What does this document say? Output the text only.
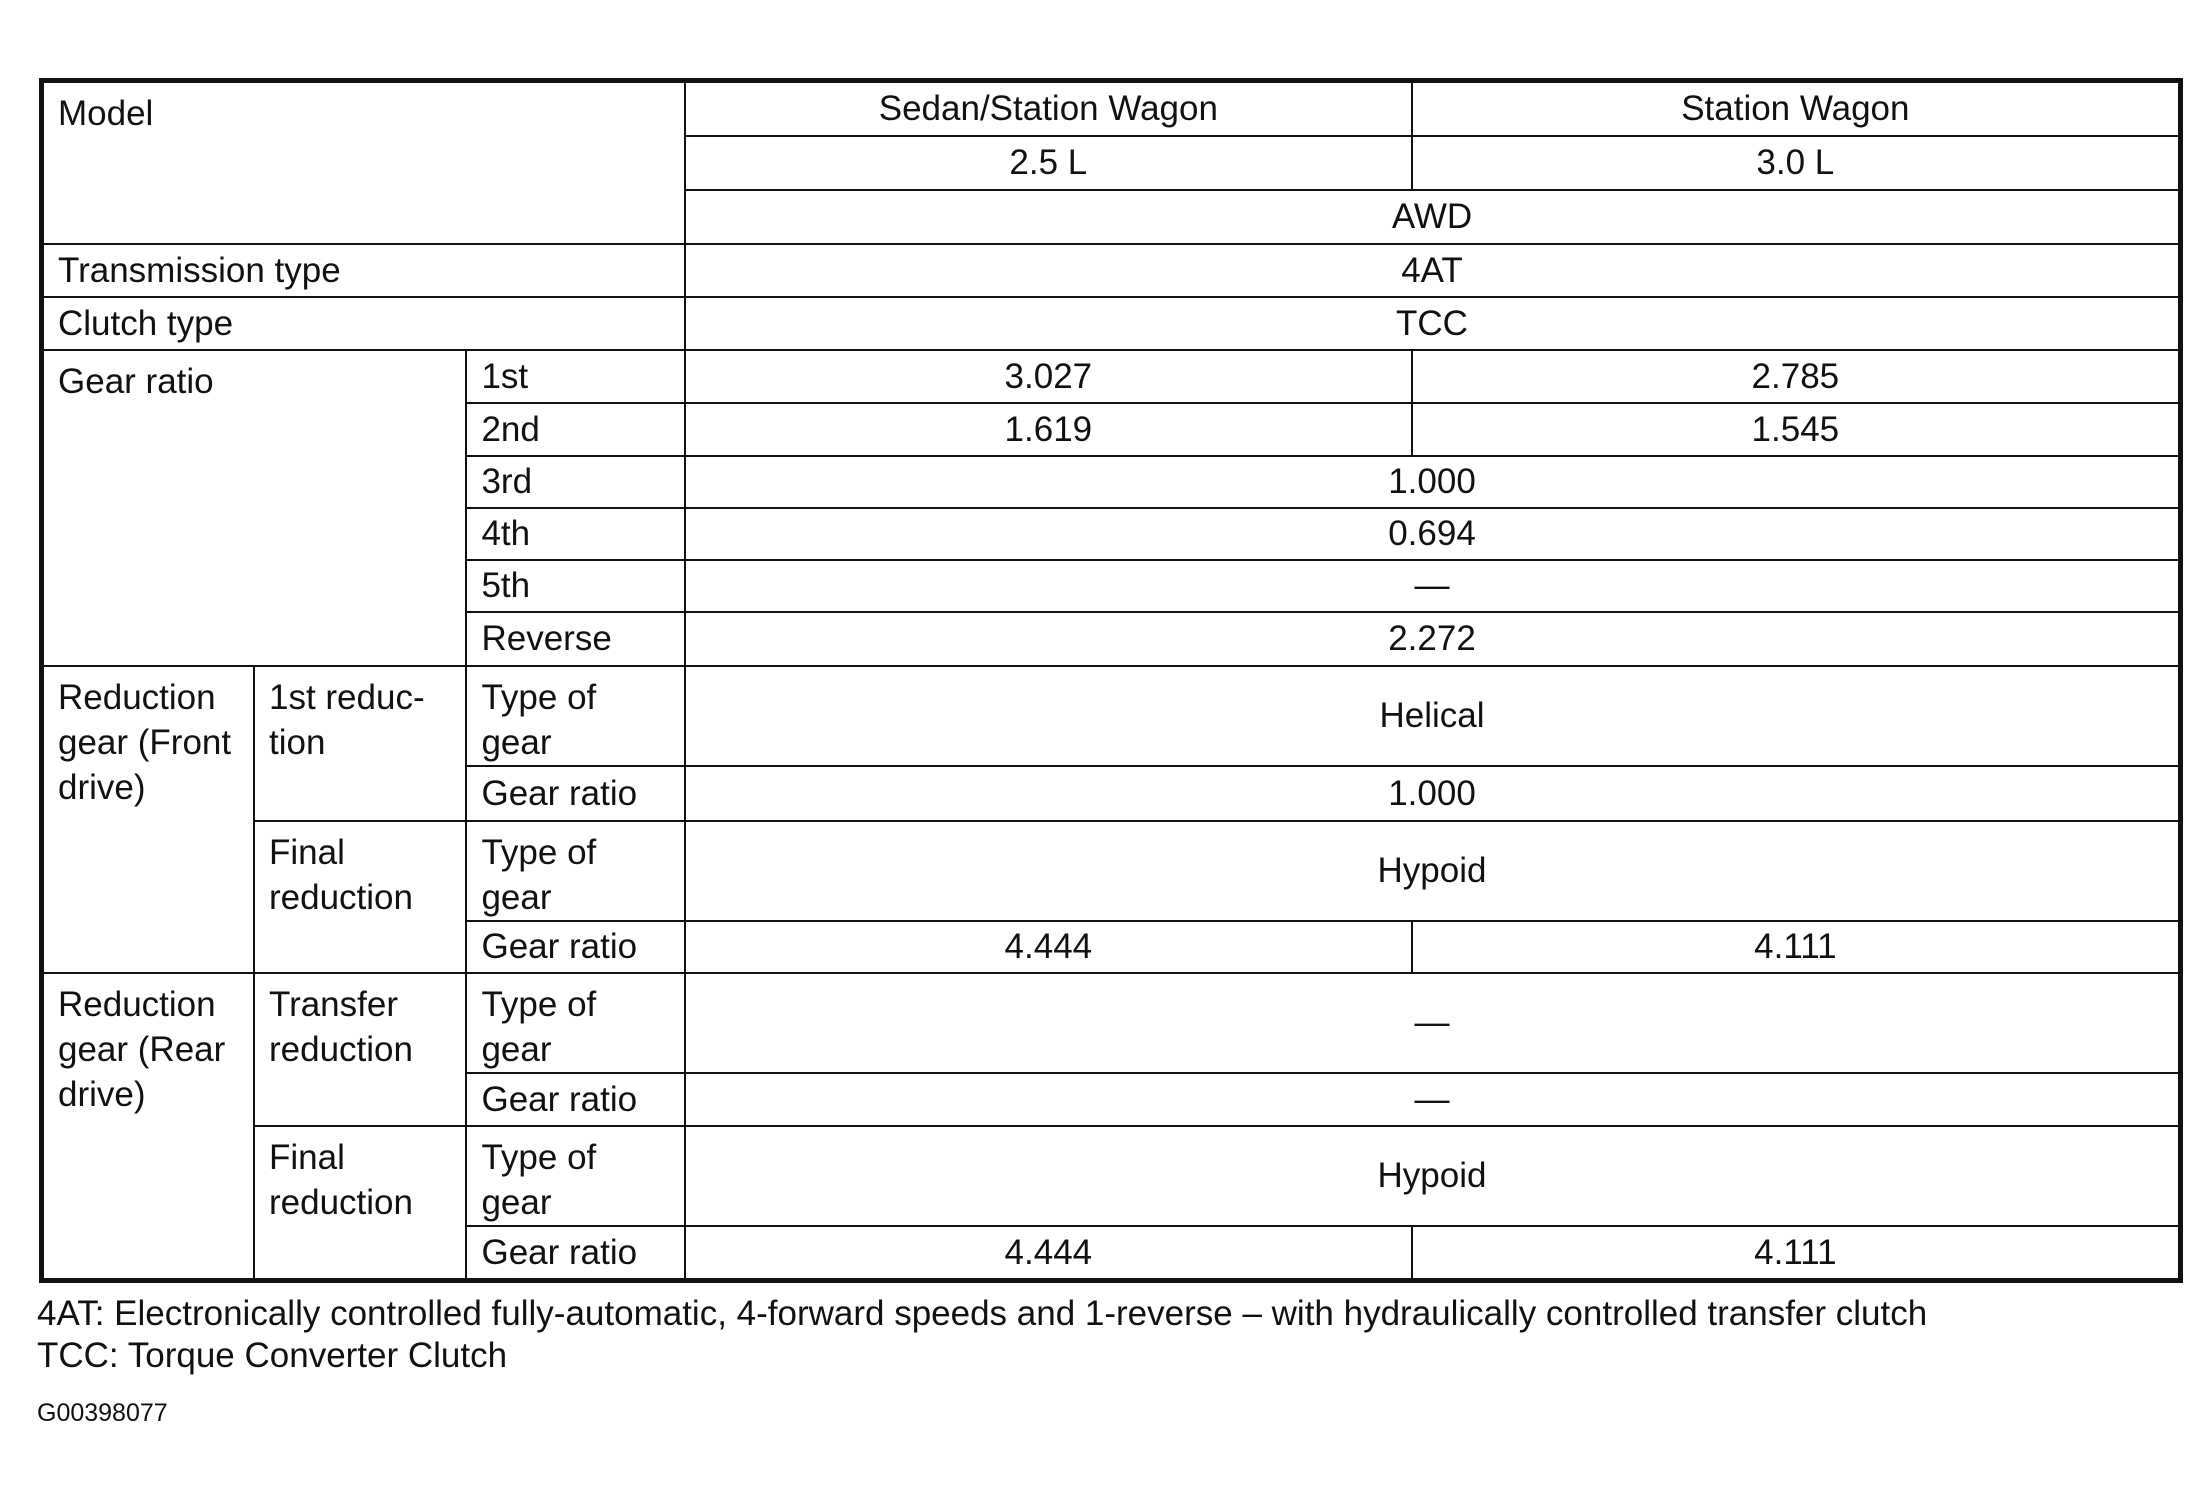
Model			Sedan/Station Wagon	Station Wagon
			2.5 L	3.0 L
			AWD	
Transmission type			4AT	
Clutch type			TCC	
Gear ratio		1st	3.027	2.785
		2nd	1.619	1.545
		3rd	1.000	
		4th	0.694	
		5th	—	
		Reverse	2.272	
Reduction gear (Front drive)	1st reduc- tion	Type of gear	Helical	
		Gear ratio	1.000	
	Final reduction	Type of gear	Hypoid	
		Gear ratio	4.444	4.111
Reduction gear (Rear drive)	Transfer reduction	Type of gear	—	
		Gear ratio	—	
	Final reduction	Type of gear	Hypoid	
		Gear ratio	4.444	4.111
4AT: Electronically controlled fully-automatic, 4-forward speeds and 1-reverse – with hydraulically controlled transfer clutch
TCC: Torque Converter Clutch
G00398077
